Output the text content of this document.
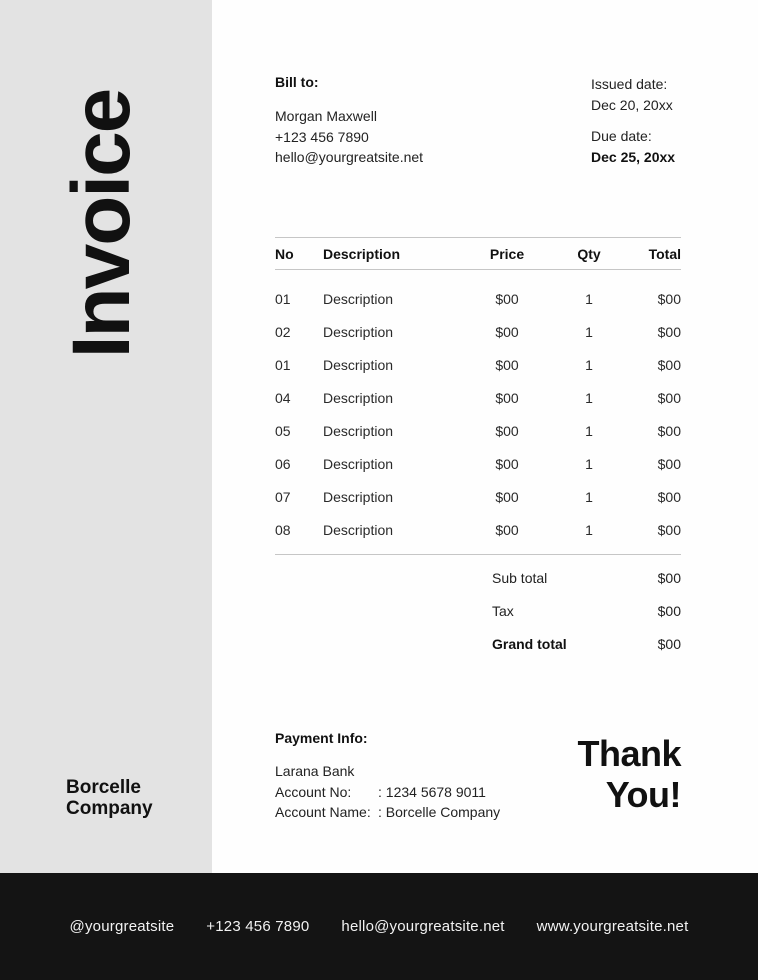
Invoice
Borcelle
Company
Bill to:
Morgan Maxwell
+123 456 7890
hello@yourgreatsite.net
Issued date:
Dec 20, 20xx
Due date:
Dec 25, 20xx
No	Description	Price	Qty	Total
01	Description	$00	1	$00
02	Description	$00	1	$00
01	Description	$00	1	$00
04	Description	$00	1	$00
05	Description	$00	1	$00
06	Description	$00	1	$00
07	Description	$00	1	$00
08	Description	$00	1	$00
Sub total	$00
Tax	$00
Grand total	$00
Payment Info:
Larana Bank
Account No:	: 1234 5678 9011
Account Name: : Borcelle Company
Thank
You!
@yourgreatsite +123 456 7890 hello@yourgreatsite.net www.yourgreatsite.net
